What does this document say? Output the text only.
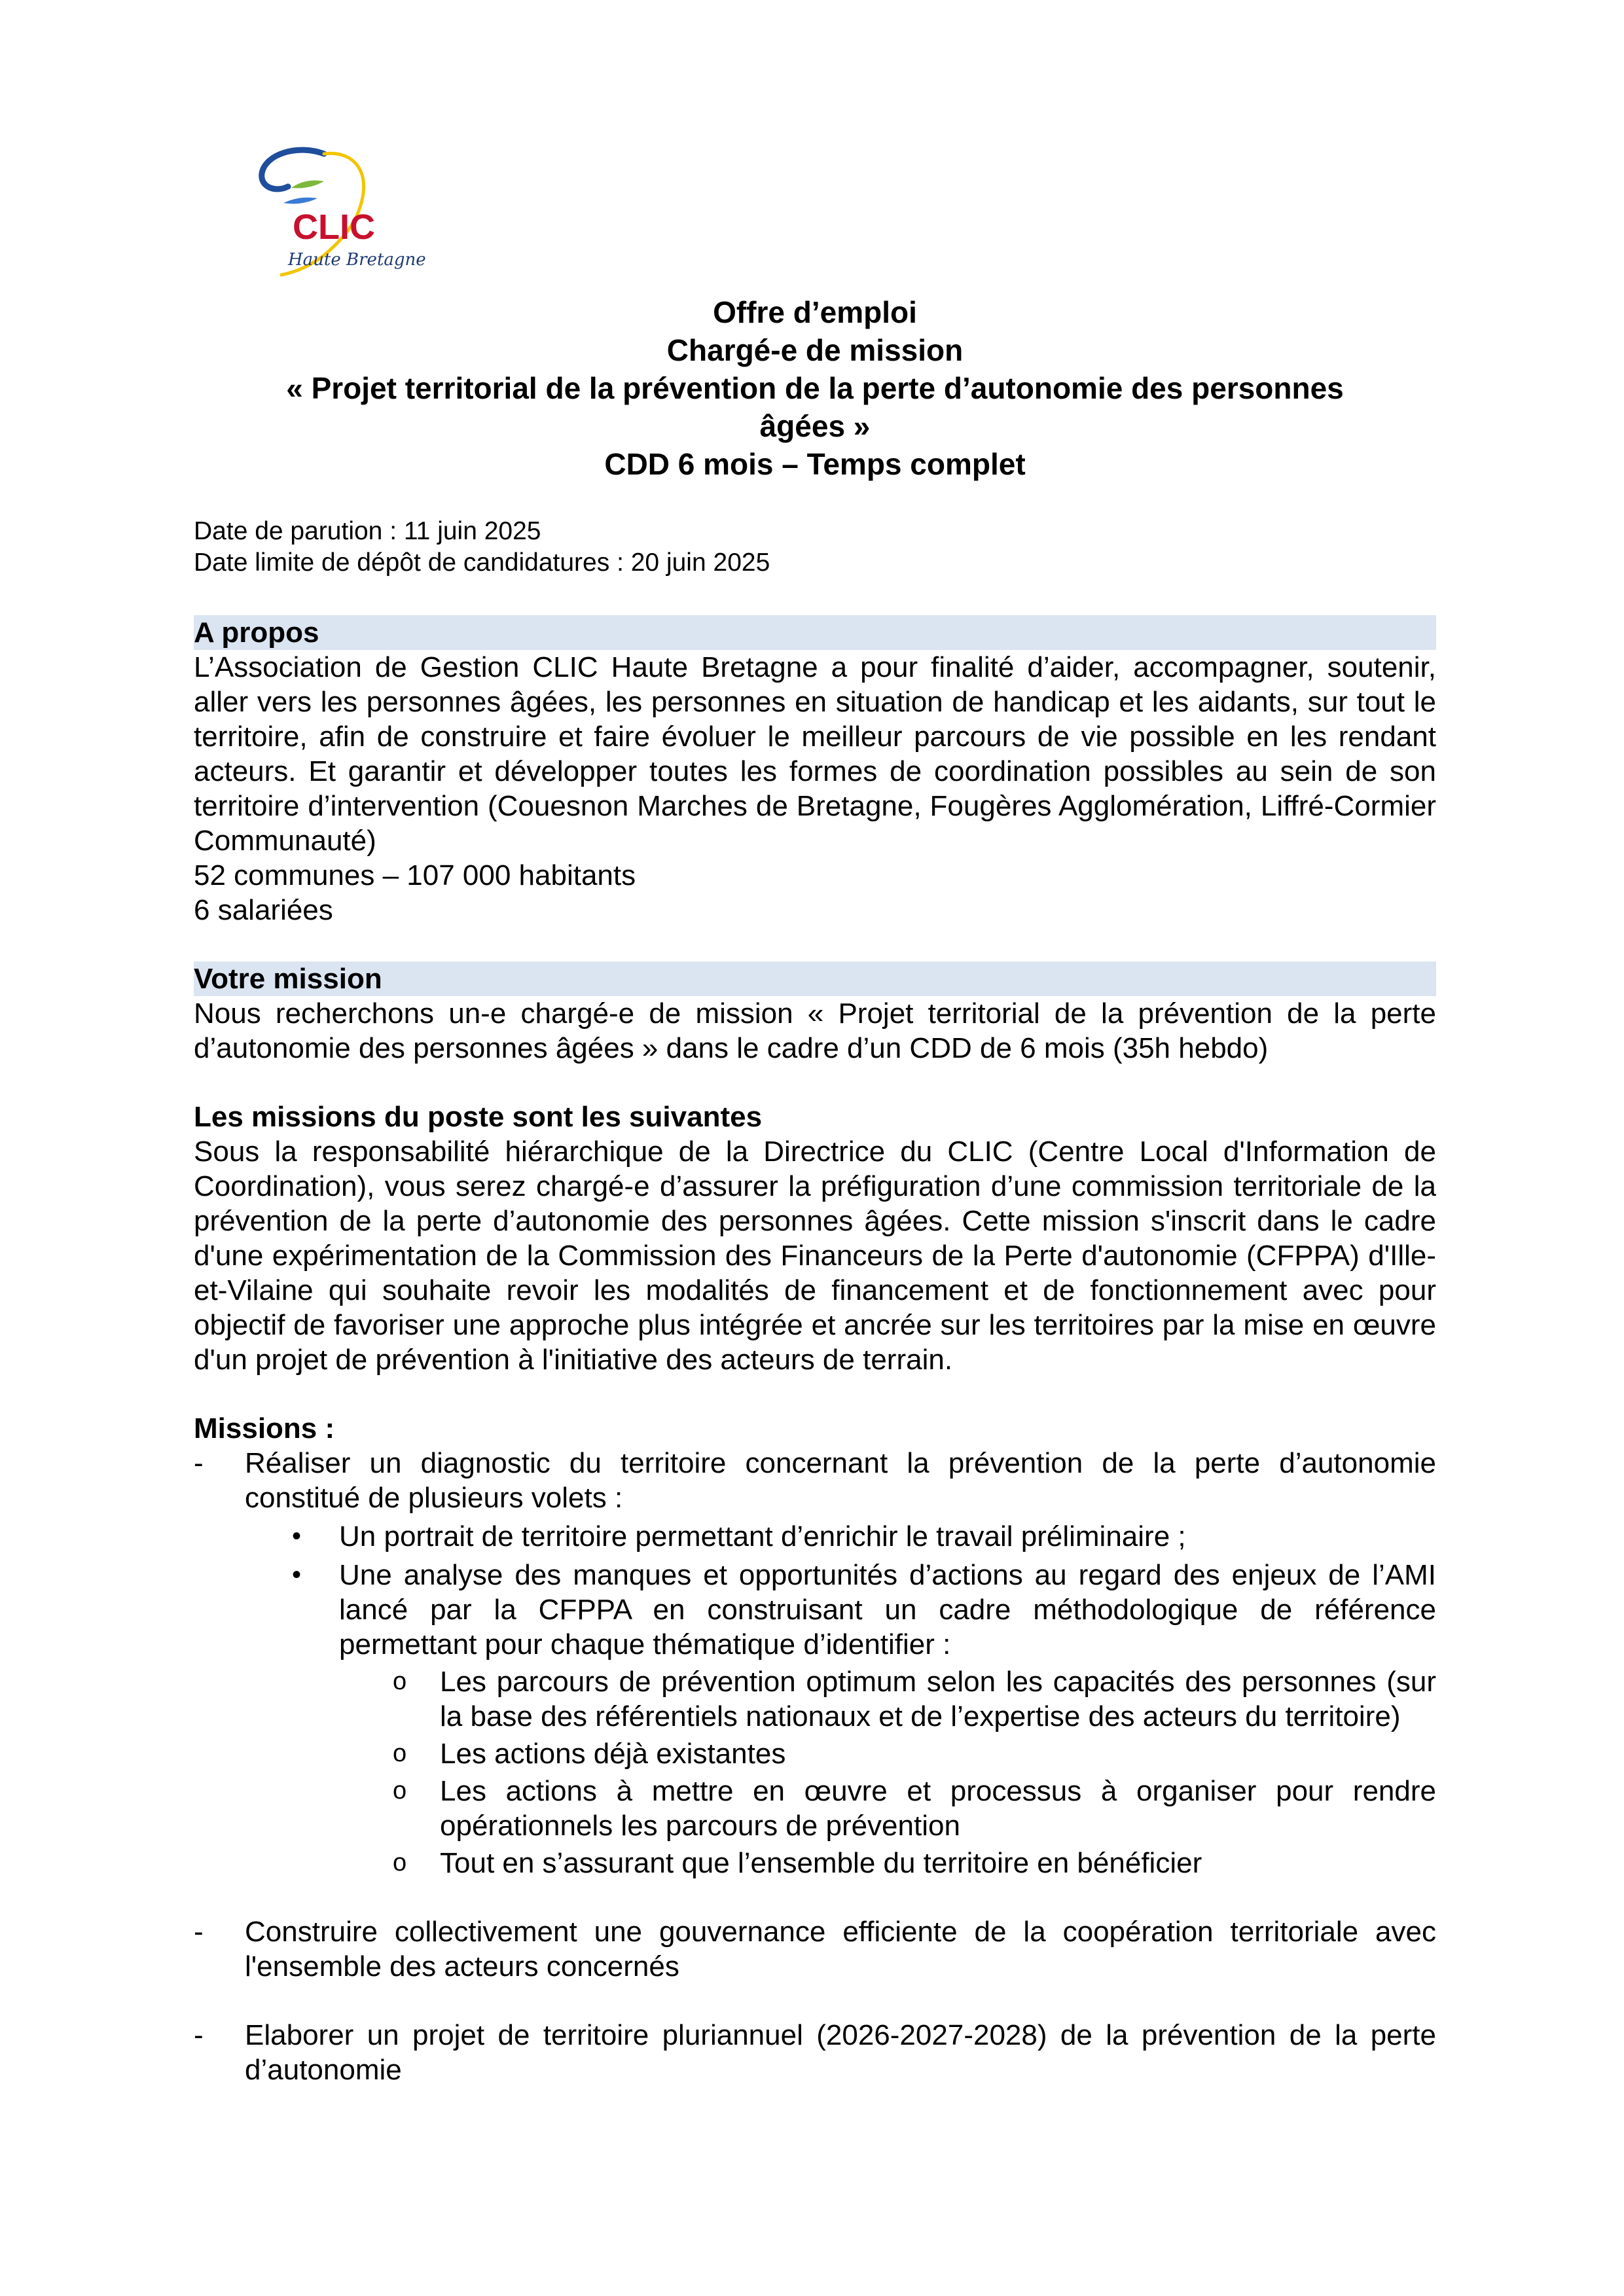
CLIC
Haute Bretagne
Offre d’emploi
Chargé-e de mission
« Projet territorial de la prévention de la perte d’autonomie des personnes
âgées »
CDD 6 mois – Temps complet
Date de parution : 11 juin 2025
Date limite de dépôt de candidatures : 20 juin 2025
A propos
L’Association de Gestion CLIC Haute Bretagne a pour finalité d’aider, accompagner, soutenir, aller vers les personnes âgées, les personnes en situation de handicap et les aidants, sur tout le territoire, afin de construire et faire évoluer le meilleur parcours de vie possible en les rendant acteurs. Et garantir et développer toutes les formes de coordination possibles au sein de son territoire d’intervention (Couesnon Marches de Bretagne, Fougères Agglomération, Liffré-Cormier Communauté)
52 communes – 107 000 habitants
6 salariées
Votre mission
Nous recherchons un-e chargé-e de mission « Projet territorial de la prévention de la perte d’autonomie des personnes âgées » dans le cadre d’un CDD de 6 mois (35h hebdo)
Les missions du poste sont les suivantes
Sous la responsabilité hiérarchique de la Directrice du CLIC (Centre Local d'Information de Coordination), vous serez chargé-e d’assurer la préfiguration d’une commission territoriale de la prévention de la perte d’autonomie des personnes âgées. Cette mission s'inscrit dans le cadre d'une expérimentation de la Commission des Financeurs de la Perte d'autonomie (CFPPA) d'Ille-et-Vilaine qui souhaite revoir les modalités de financement et de fonctionnement avec pour objectif de favoriser une approche plus intégrée et ancrée sur les territoires par la mise en œuvre d'un projet de prévention à l'initiative des acteurs de terrain.
Missions :
-	Réaliser un diagnostic du territoire concernant la prévention de la perte d’autonomie constitué de plusieurs volets :
•	Un portrait de territoire permettant d’enrichir le travail préliminaire ;
•	Une analyse des manques et opportunités d’actions au regard des enjeux de l’AMI lancé par la CFPPA en construisant un cadre méthodologique de référence permettant pour chaque thématique d’identifier :
o	Les parcours de prévention optimum selon les capacités des personnes (sur la base des référentiels nationaux et de l’expertise des acteurs du territoire)
o	Les actions déjà existantes
o	Les actions à mettre en œuvre et processus à organiser pour rendre opérationnels les parcours de prévention
o	Tout en s’assurant que l’ensemble du territoire en bénéficier
-	Construire collectivement une gouvernance efficiente de la coopération territoriale avec l'ensemble des acteurs concernés
-	Elaborer un projet de territoire pluriannuel (2026-2027-2028) de la prévention de la perte d’autonomie
